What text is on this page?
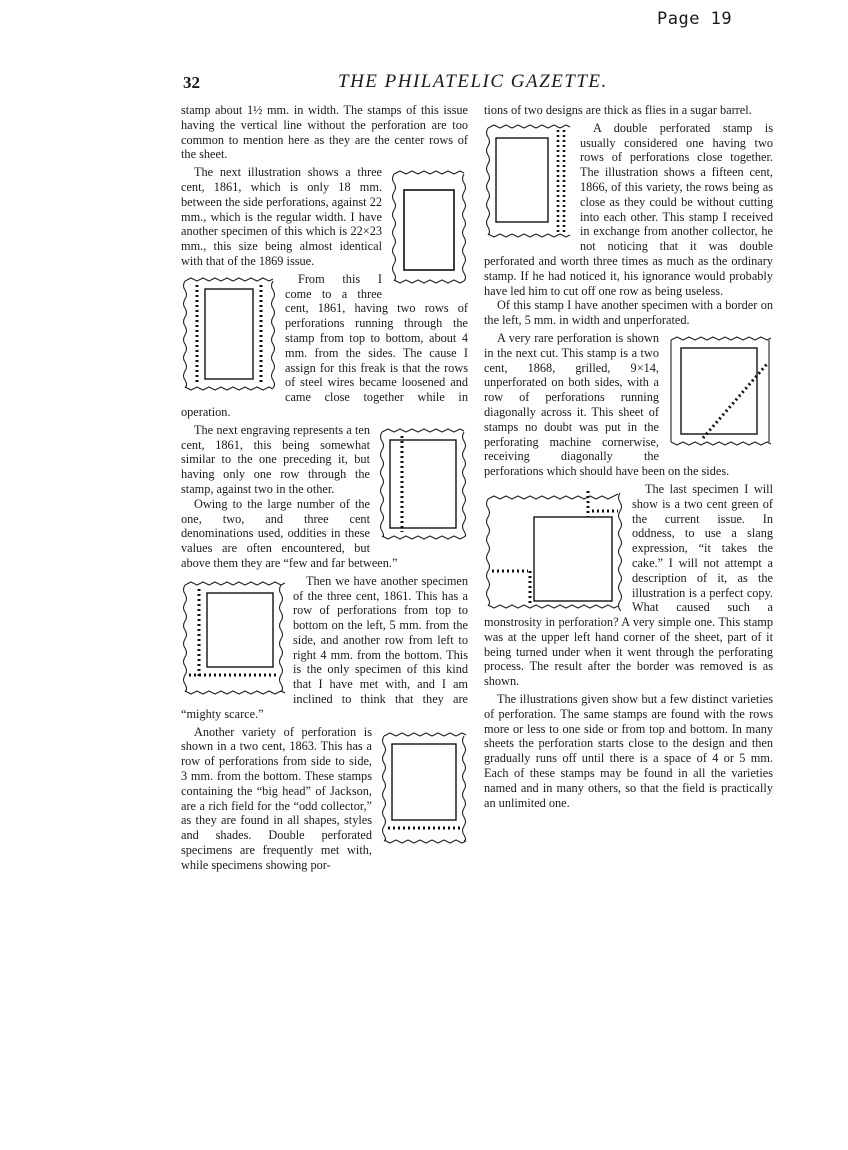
Page 19
32	THE PHILATELIC GAZETTE.

stamp about 1½ mm. in width. The stamps of this issue having the vertical line without the perforation are too common to mention here as they are the center rows of the sheet.

The next illustration shows a three cent, 1861, which is only 18 mm. between the side perforations, against 22 mm., which is the regular width. I have another specimen of this which is 22×23 mm., this size being almost identical with that of the 1869 issue.

From this I come to a three cent, 1861, having two rows of perforations running through the stamp from top to bottom, about 4 mm. from the sides. The cause I assign for this freak is that the rows of steel wires became loosened and came close together while in operation.

The next engraving represents a ten cent, 1861, this being somewhat similar to the one preceding it, but having only one row through the stamp, against two in the other.

Owing to the large number of the one, two, and three cent denominations used, oddities in these values are often encountered, but above them they are “few and far between.”

Then we have another specimen of the three cent, 1861. This has a row of perforations from top to bottom on the left, 5 mm. from the side, and another row from left to right 4 mm. from the bottom. This is the only specimen of this kind that I have met with, and I am inclined to think that they are “mighty scarce.”

Another variety of perforation is shown in a two cent, 1863. This has a row of perforations from side to side, 3 mm. from the bottom. These stamps containing the “big head” of Jackson, are a rich field for the “odd collector,” as they are found in all shapes, styles and shades. Double perforated specimens are frequently met with, while specimens showing por-

tions of two designs are thick as flies in a sugar barrel.

A double perforated stamp is usually considered one having two rows of perforations close together. The illustration shows a fifteen cent, 1866, of this variety, the rows being as close as they could be without cutting into each other. This stamp I received in exchange from another collector, he not noticing that it was double perforated and worth three times as much as the ordinary stamp. If he had noticed it, his ignorance would probably have led him to cut off one row as being useless.

Of this stamp I have another specimen with a border on the left, 5 mm. in width and unperforated.

A very rare perforation is shown in the next cut. This stamp is a two cent, 1868, grilled, 9×14, unperforated on both sides, with a row of perforations running diagonally across it. This sheet of stamps no doubt was put in the perforating machine cornerwise, receiving diagonally the perforations which should have been on the sides.

The last specimen I will show is a two cent green of the current issue. In oddness, to use a slang expression, “it takes the cake.” I will not attempt a description of it, as the illustration is a perfect copy. What caused such a monstrosity in perforation? A very simple one. This stamp was at the upper left hand corner of the sheet, part of it being turned under when it went through the perforating process. The result after the border was removed is as shown.

The illustrations given show but a few distinct varieties of perforation. The same stamps are found with the rows more or less to one side or from top and bottom. In many sheets the perforation starts close to the design and then gradually runs off until there is a space of 4 or 5 mm. Each of these stamps may be found in all the varieties named and in many others, so that the field is practically an unlimited one.
